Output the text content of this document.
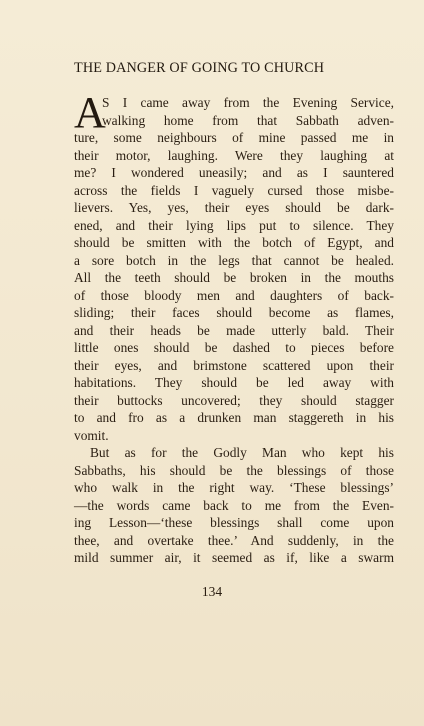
THE DANGER OF GOING TO CHURCH
A
S I came away from the Evening Service,
walking home from that Sabbath adven-
ture, some neighbours of mine passed me in
their motor, laughing. Were they laughing at
me? I wondered uneasily; and as I sauntered
across the fields I vaguely cursed those misbe-
lievers. Yes, yes, their eyes should be dark-
ened, and their lying lips put to silence. They
should be smitten with the botch of Egypt, and
a sore botch in the legs that cannot be healed.
All the teeth should be broken in the mouths
of those bloody men and daughters of back-
sliding; their faces should become as flames,
and their heads be made utterly bald. Their
little ones should be dashed to pieces before
their eyes, and brimstone scattered upon their
habitations. They should be led away with
their buttocks uncovered; they should stagger
to and fro as a drunken man staggereth in his
vomit.
But as for the Godly Man who kept his
Sabbaths, his should be the blessings of those
who walk in the right way. ‘These blessings’
—the words came back to me from the Even-
ing Lesson—‘these blessings shall come upon
thee, and overtake thee.’ And suddenly, in the
mild summer air, it seemed as if, like a swarm
134
